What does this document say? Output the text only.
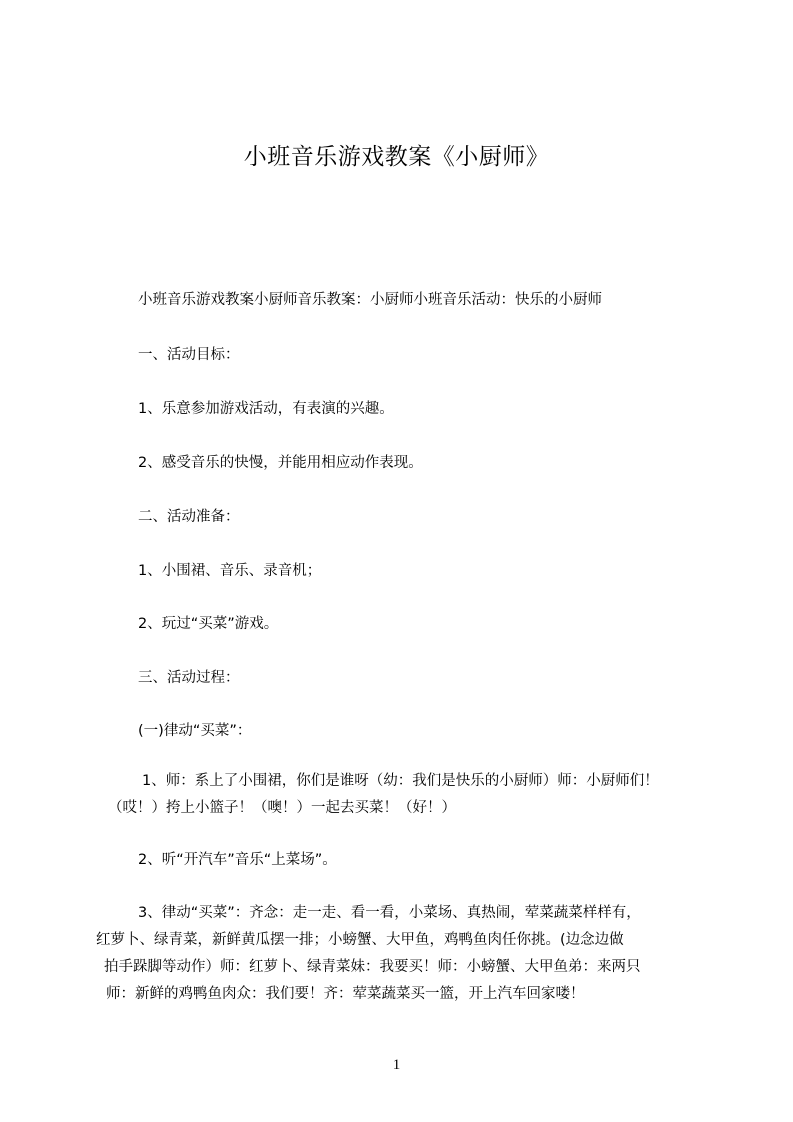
小班音乐游戏教案《小厨师》
小班音乐游戏教案小厨师音乐教案：小厨师小班音乐活动：快乐的小厨师
一、活动目标：
1、乐意参加游戏活动，有表演的兴趣。
2、感受音乐的快慢，并能用相应动作表现。
二、活动准备：
1、小围裙、音乐、录音机；
2、玩过“买菜”游戏。
三、活动过程：
(一)律动“买菜”：
1、师：系上了小围裙，你们是谁呀（幼：我们是快乐的小厨师）师：小厨师们！
（哎！）挎上小篮子！（噢！）一起去买菜！（好！）
2、听“开汽车”音乐“上菜场”。
3、律动“买菜”：齐念：走一走、看一看，小菜场、真热闹，荤菜蔬菜样样有，
红萝卜、绿青菜，新鲜黄瓜摆一排；小螃蟹、大甲鱼，鸡鸭鱼肉任你挑。(边念边做
拍手跺脚等动作）师：红萝卜、绿青菜妹：我要买！师：小螃蟹、大甲鱼弟：来两只
师：新鲜的鸡鸭鱼肉众：我们要！齐：荤菜蔬菜买一篮，开上汽车回家喽！
1
